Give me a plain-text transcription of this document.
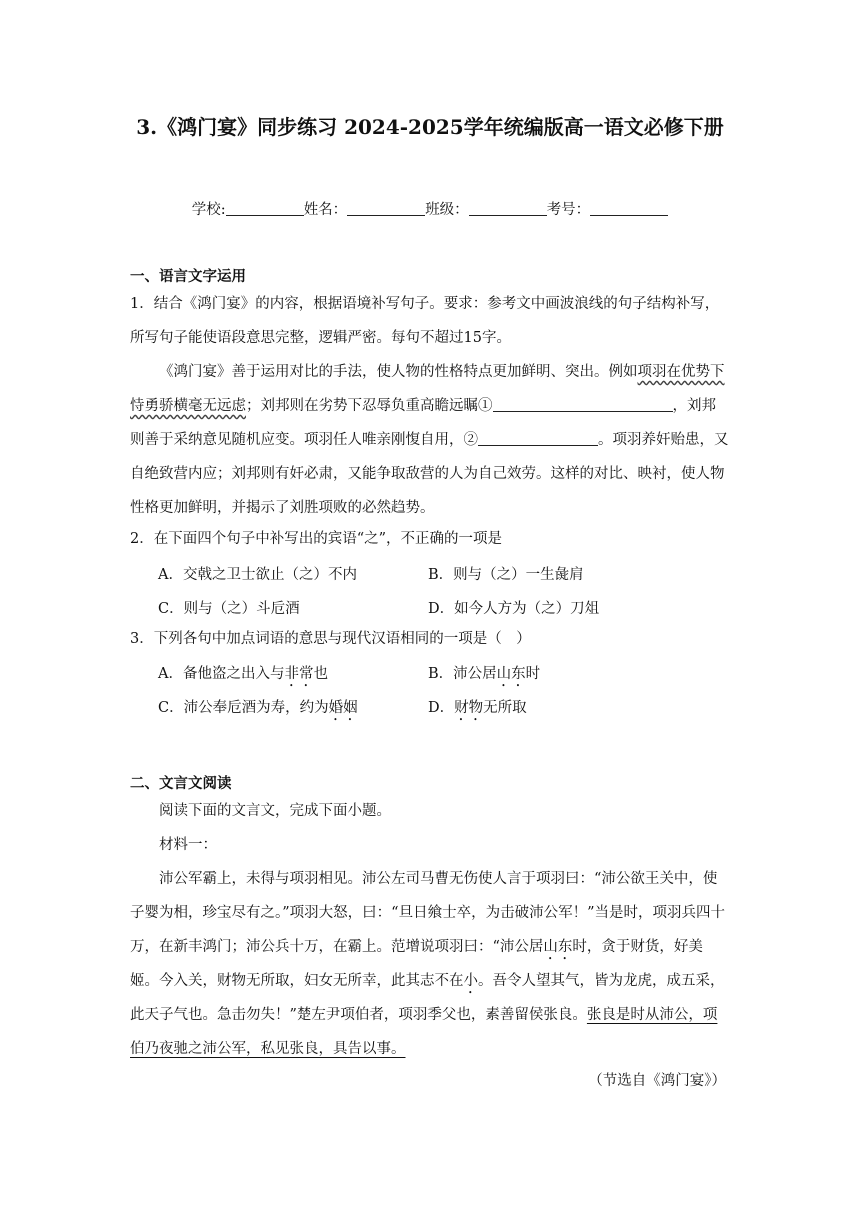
3.《鸿门宴》同步练习 2024-2025学年统编版高一语文必修下册
学校:	姓名：	班级：	考号：
一、语言文字运用
1．结合《鸿门宴》的内容，根据语境补写句子。要求：参考文中画波浪线的句子结构补写，所写句子能使语段意思完整，逻辑严密。每句不超过15字。
《鸿门宴》善于运用对比的手法，使人物的性格特点更加鲜明、突出。例如项羽在优势下恃勇骄横毫无远虑；刘邦则在劣势下忍辱负重高瞻远瞩①	，刘邦则善于采纳意见随机应变。项羽任人唯亲刚愎自用，②	。项羽养奸贻患，又自绝致营内应；刘邦则有奸必肃，又能争取敌营的人为自己效劳。这样的对比、映衬，使人物性格更加鲜明，并揭示了刘胜项败的必然趋势。
2．在下面四个句子中补写出的宾语“之”，不正确的一项是
A．交戟之卫士欲止（之）不内	B．则与（之）一生彘肩
C．则与（之）斗卮酒	D．如今人方为（之）刀俎
3．下列各句中加点词语的意思与现代汉语相同的一项是（　）
A．备他盗之出入与非常也	B．沛公居山东时
C．沛公奉卮酒为寿，约为婚姻	D．财物无所取
二、文言文阅读
阅读下面的文言文，完成下面小题。
材料一：
沛公军霸上，未得与项羽相见。沛公左司马曹无伤使人言于项羽曰：“沛公欲王关中，使子婴为相，珍宝尽有之。”项羽大怒，曰：“旦日飨士卒，为击破沛公军！”当是时，项羽兵四十万，在新丰鸿门；沛公兵十万，在霸上。范增说项羽曰：“沛公居山东时，贪于财货，好美姬。今入关，财物无所取，妇女无所幸，此其志不在小。吾令人望其气，皆为龙虎，成五采，此天子气也。急击勿失！”楚左尹项伯者，项羽季父也，素善留侯张良。张良是时从沛公，项伯乃夜驰之沛公军，私见张良，具告以事。
（节选自《鸿门宴》）
